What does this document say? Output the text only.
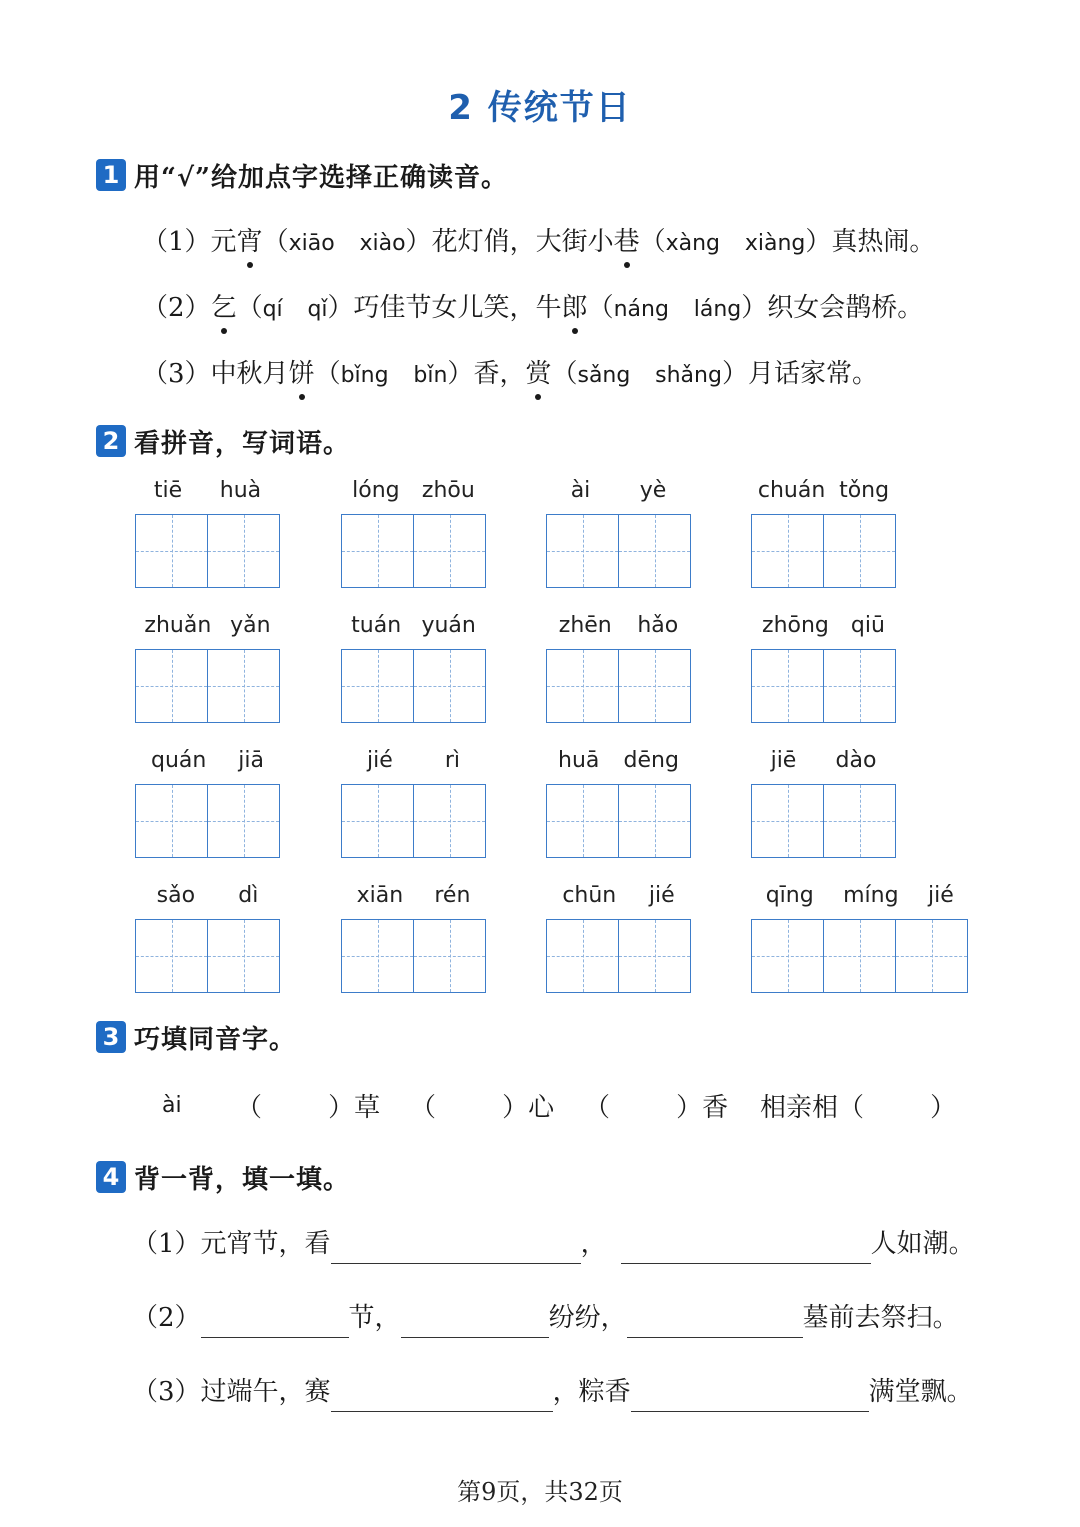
2 传统节日
1 用“√”给加点字选择正确读音。
（1）元宵（xiāo xiào）花灯俏，大街小巷（xàng xiàng）真热闹。
（2）乞（qí qǐ）巧佳节女儿笑，牛郎（náng láng）织女会鹊桥。
（3）中秋月饼（bǐng bǐn）香，赏（sǎng shǎng）月话家常。
2 看拼音，写词语。
tiē huà	lóng zhōu	ài yè	chuán tǒng
zhuǎn yǎn	tuán yuán	zhēn hǎo	zhōng qiū
quán jiā	jié rì	huā dēng	jiē dào
sǎo dì	xiān rén	chūn jié	qīng míng jié
3 巧填同音字。
ài （        ）草 （        ）心 （        ）香 相亲相（        ）
4 背一背，填一填。
（1）元宵节，看	，	人如潮。
（2）	节，	纷纷，	墓前去祭扫。
（3）过端午，赛	，粽香	满堂飘。
第9页，共32页
